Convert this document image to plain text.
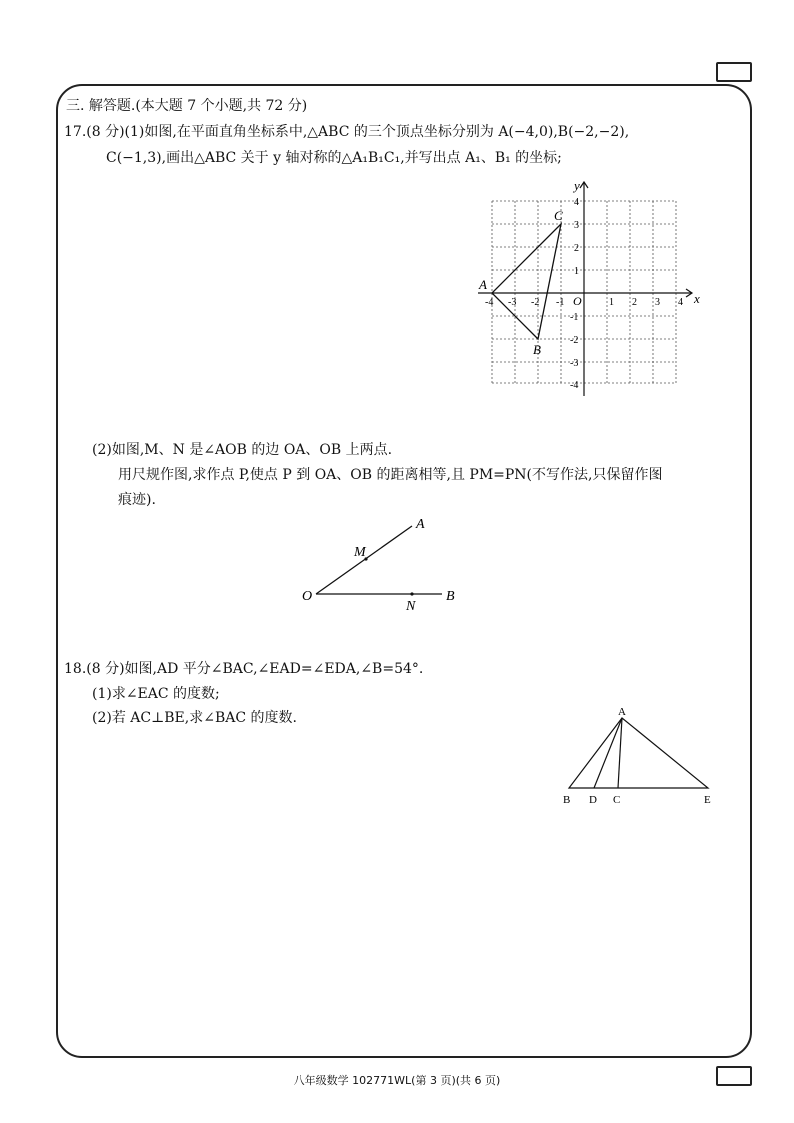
三. 解答题.(本大题 7 个小题,共 72 分)
17.(8 分)(1)如图,在平面直角坐标系中,△ABC 的三个顶点坐标分别为 A(−4,0),B(−2,−2),
C(−1,3),画出△ABC 关于 y 轴对称的△A₁B₁C₁,并写出点 A₁、B₁ 的坐标;
x
y
O
-4 -3 -2 -1	1 2 3 4
4
3
2
1
-1
-2
-3
-4
A
B
C
(2)如图,M、N 是∠AOB 的边 OA、OB 上两点.
用尺规作图,求作点 P,使点 P 到 OA、OB 的距离相等,且 PM=PN(不写作法,只保留作图
痕迹).
O
A
B
M
N
18.(8 分)如图,AD 平分∠BAC,∠EAD=∠EDA,∠B=54°.
(1)求∠EAC 的度数;
(2)若 AC⊥BE,求∠BAC 的度数.	A
B D C	E
八年级数学 102771WL(第 3 页)(共 6 页)
